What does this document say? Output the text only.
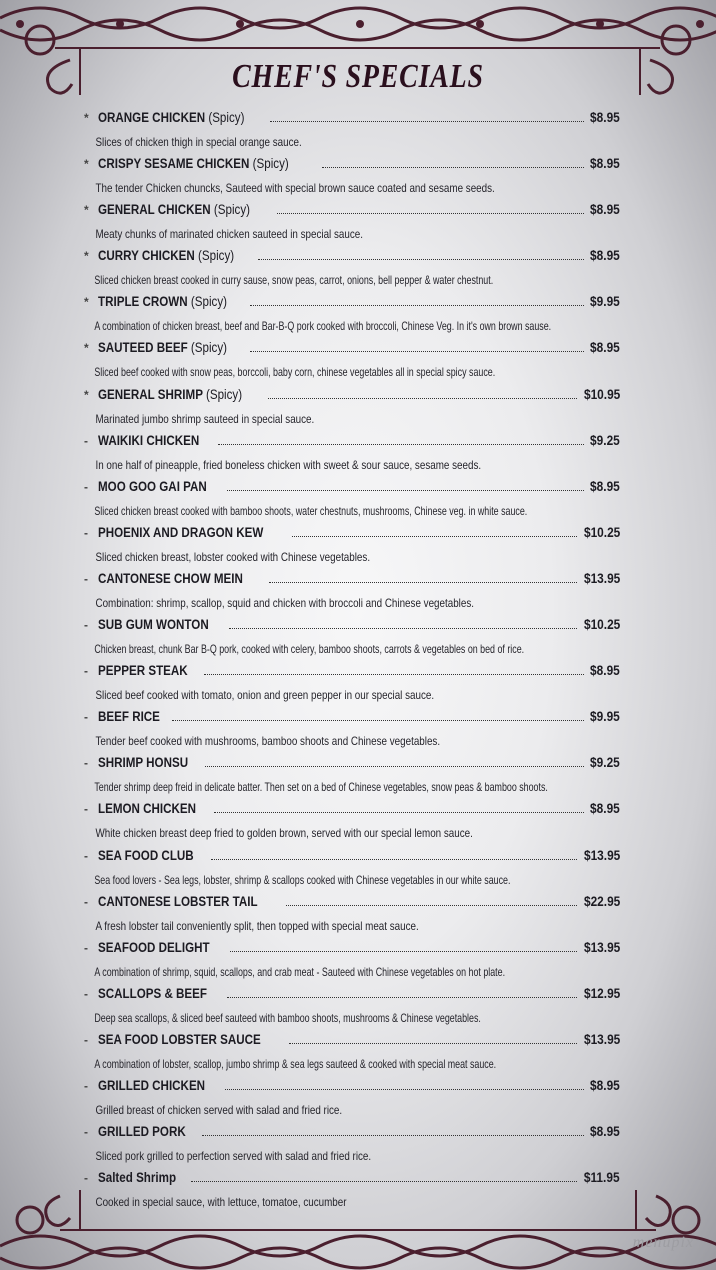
CHEF'S SPECIALS
* ORANGE CHICKEN (Spicy)	$8.95
Slices of chicken thigh in special orange sauce.
* CRISPY SESAME CHICKEN (Spicy)	$8.95
The tender Chicken chuncks, Sauteed with special brown sauce coated and sesame seeds.
* GENERAL CHICKEN (Spicy)	$8.95
Meaty chunks of marinated chicken sauteed in special sauce.
* CURRY CHICKEN (Spicy)	$8.95
Sliced chicken breast cooked in curry sause, snow peas, carrot, onions, bell pepper & water chestnut.
* TRIPLE CROWN (Spicy)	$9.95
A combination of chicken breast, beef and Bar-B-Q pork cooked with broccoli, Chinese Veg. In it's own brown sause.
* SAUTEED BEEF (Spicy)	$8.95
Sliced beef cooked with snow peas, borccoli, baby corn, chinese vegetables all in special spicy sauce.
* GENERAL SHRIMP (Spicy)	$10.95
Marinated jumbo shrimp sauteed in special sauce.
- WAIKIKI CHICKEN	$9.25
In one half of pineapple, fried boneless chicken with sweet & sour sauce, sesame seeds.
- MOO GOO GAI PAN	$8.95
Sliced chicken breast cooked with bamboo shoots, water chestnuts, mushrooms, Chinese veg. in white sauce.
- PHOENIX AND DRAGON KEW	$10.25
Sliced chicken breast, lobster cooked with Chinese vegetables.
- CANTONESE CHOW MEIN	$13.95
Combination: shrimp, scallop, squid and chicken with broccoli and Chinese vegetables.
- SUB GUM WONTON	$10.25
Chicken breast, chunk Bar B-Q pork, cooked with celery, bamboo shoots, carrots & vegetables on bed of rice.
- PEPPER STEAK	$8.95
Sliced beef cooked with tomato, onion and green pepper in our special sauce.
- BEEF RICE	$9.95
Tender beef cooked with mushrooms, bamboo shoots and Chinese vegetables.
- SHRIMP HONSU	$9.25
Tender shrimp deep freid in delicate batter. Then set on a bed of Chinese vegetables, snow peas & bamboo shoots.
- LEMON CHICKEN	$8.95
White chicken breast deep fried to golden brown, served with our special lemon sauce.
- SEA FOOD CLUB	$13.95
Sea food lovers - Sea legs, lobster, shrimp & scallops cooked with Chinese vegetables in our white sauce.
- CANTONESE LOBSTER TAIL	$22.95
A fresh lobster tail conveniently split, then topped with special meat sauce.
- SEAFOOD DELIGHT	$13.95
A combination of shrimp, squid, scallops, and crab meat - Sauteed with Chinese vegetables on hot plate.
- SCALLOPS & BEEF	$12.95
Deep sea scallops, & sliced beef sauteed with bamboo shoots, mushrooms & Chinese vegetables.
- SEA FOOD LOBSTER SAUCE	$13.95
A combination of lobster, scallop, jumbo shrimp & sea legs sauteed & cooked with special meat sauce.
- GRILLED CHICKEN	$8.95
Grilled breast of chicken served with salad and fried rice.
- GRILLED PORK	$8.95
Sliced pork grilled to perfection served with salad and fried rice.
- Salted Shrimp	$11.95
Cooked in special sauce, with lettuce, tomatoe, cucumber
menupix
